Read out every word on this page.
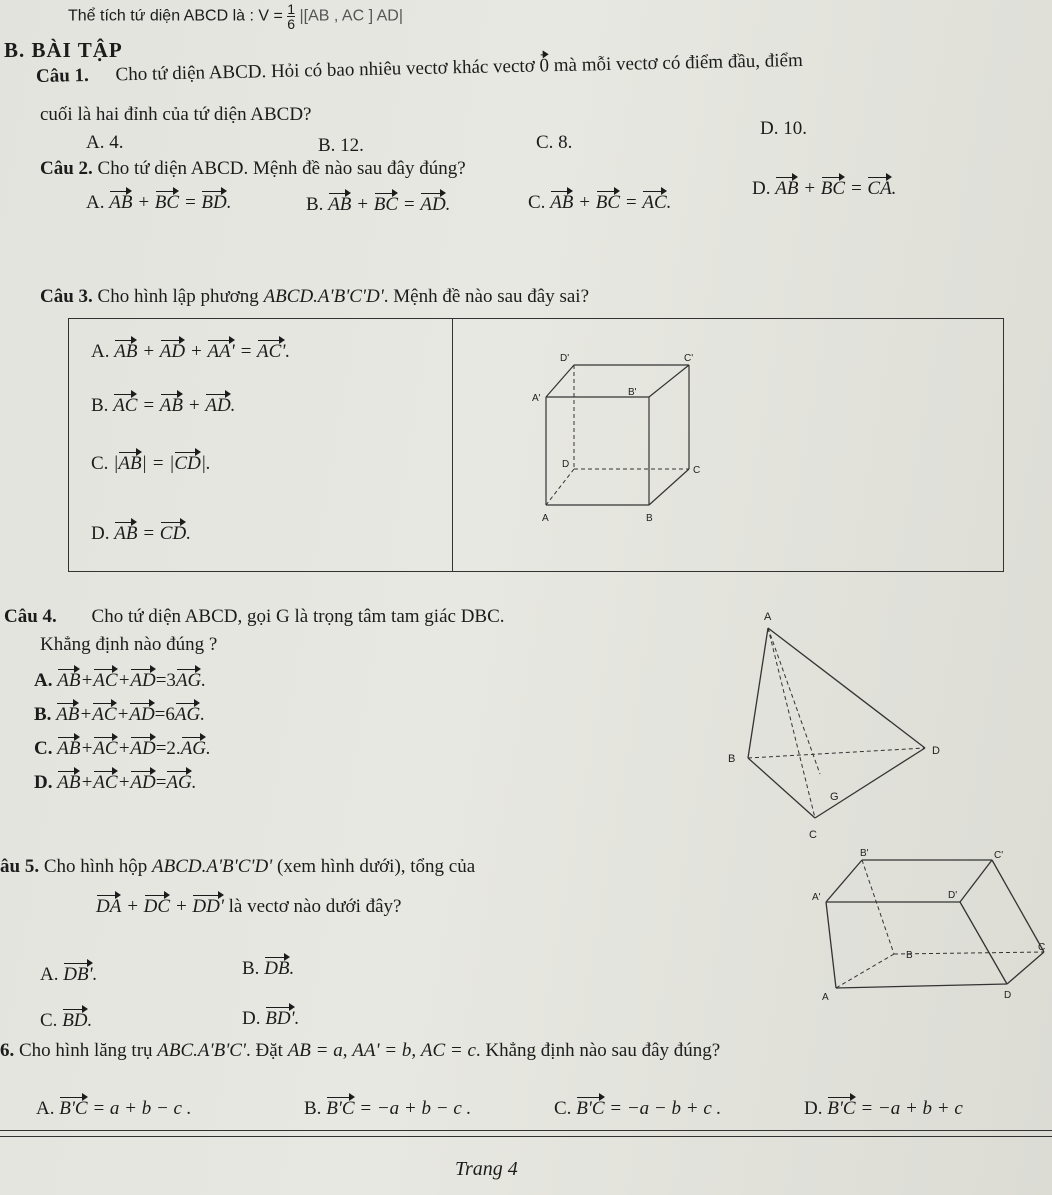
Thể tích tứ diện ABCD là : $V = \frac{1}{6} |[AB$ , AC ] AD|
B. BÀI TẬP
Câu 1. Cho tứ diện ABCD. Hỏi có bao nhiêu vectơ khác vectơ 0 mà mỗi vectơ có điểm đầu, điểm
cuối là hai đỉnh của tứ diện ABCD?
A. 4.	B. 12.	C. 8.
D. 10.
Câu 2. Cho tứ diện ABCD. Mệnh đề nào sau đây đúng?
A. AB + BC = BD.	B. AB + BC = AD.	C. AB + BC = AC.
D. AB + BC = CA.
Câu 3. Cho hình lập phương ABCD.A'B'C'D'. Mệnh đề nào sau đây sai?
A. AB + AD + AA' = AC'.
B. AC = AB + AD.
C. |AB| = |CD|.
D. AB = CD.
D'	C'
A'
B'
D
C
A	B
Câu 4. Cho tứ diện ABCD, gọi G là trọng tâm tam giác DBC.
Khẳng định nào đúng ?
A. AB+AC+AD=3AG.
B. AB+AC+AD=6AG.
C. AB+AC+AD=2.AG.
D. AB+AC+AD=AG.
A
B
D
G
C
âu 5. Cho hình hộp ABCD.A'B'C'D' (xem hình dưới), tổng của
DA + DC + DD' là vectơ nào dưới đây?
A. DB'.	B. DB.
C. BD.	D. BD'.
B'	C'
A'	D'
B
C
A	D
6. Cho hình lăng trụ ABC.A'B'C'. Đặt AB = a, AA' = b, AC = c. Khẳng định nào sau đây đúng?
A. B'C = a + b − c .	B. B'C = −a + b − c .	C. B'C = −a − b + c .	D. B'C = −a + b + c
Trang 4
